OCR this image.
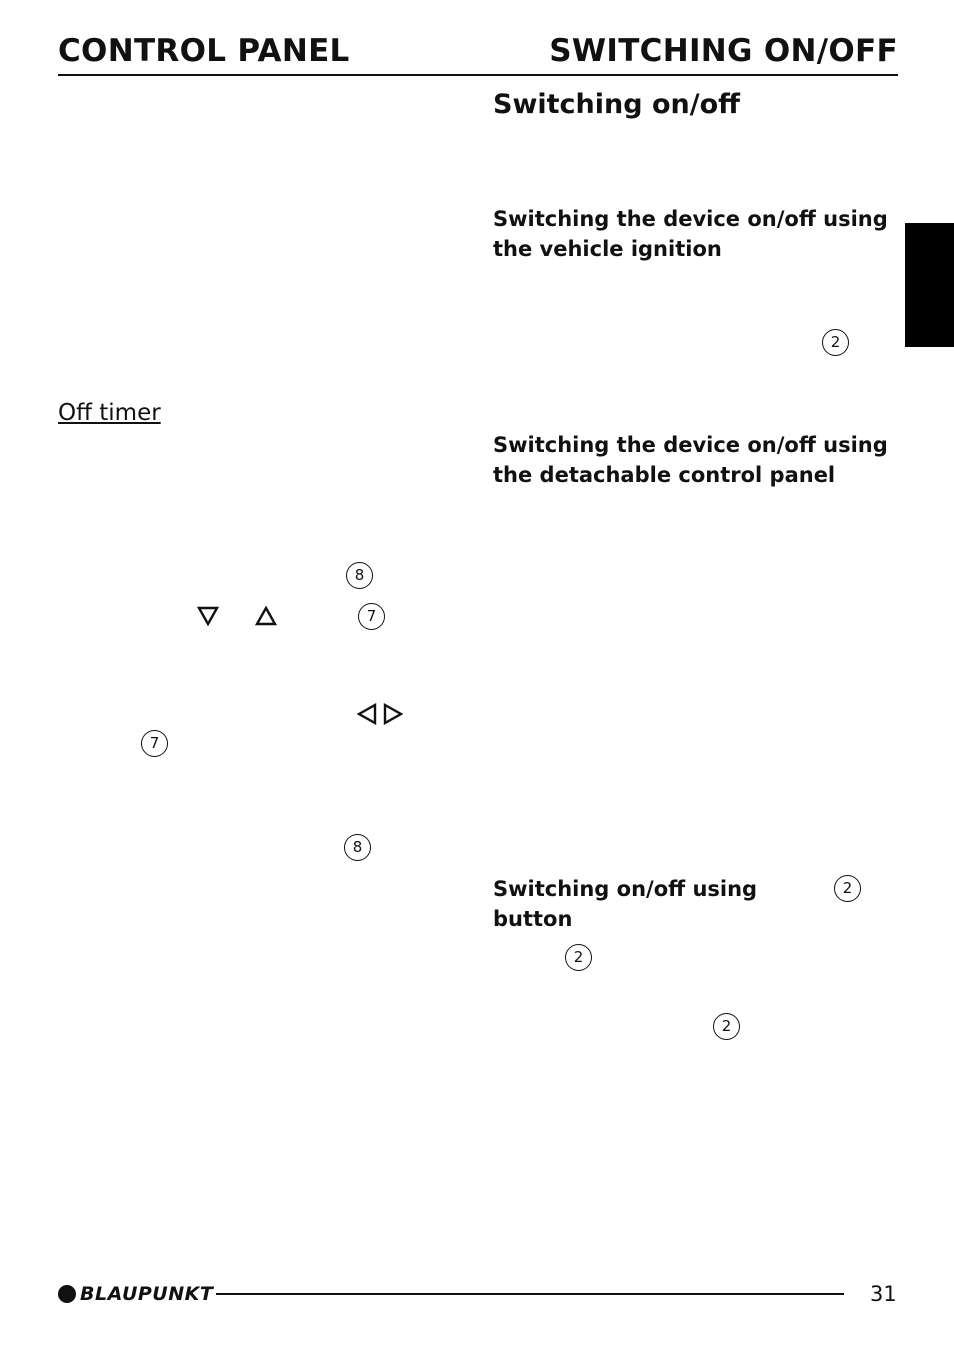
CONTROL PANEL	SWITCHING ON/OFF
Off timer
8
7
7
8
Switching on/off
Switching the device on/off using the vehicle ignition
2
Switching the device on/off using the detachable control panel
Switching on/off using button
2
2
2
BLAUPUNKT	31
